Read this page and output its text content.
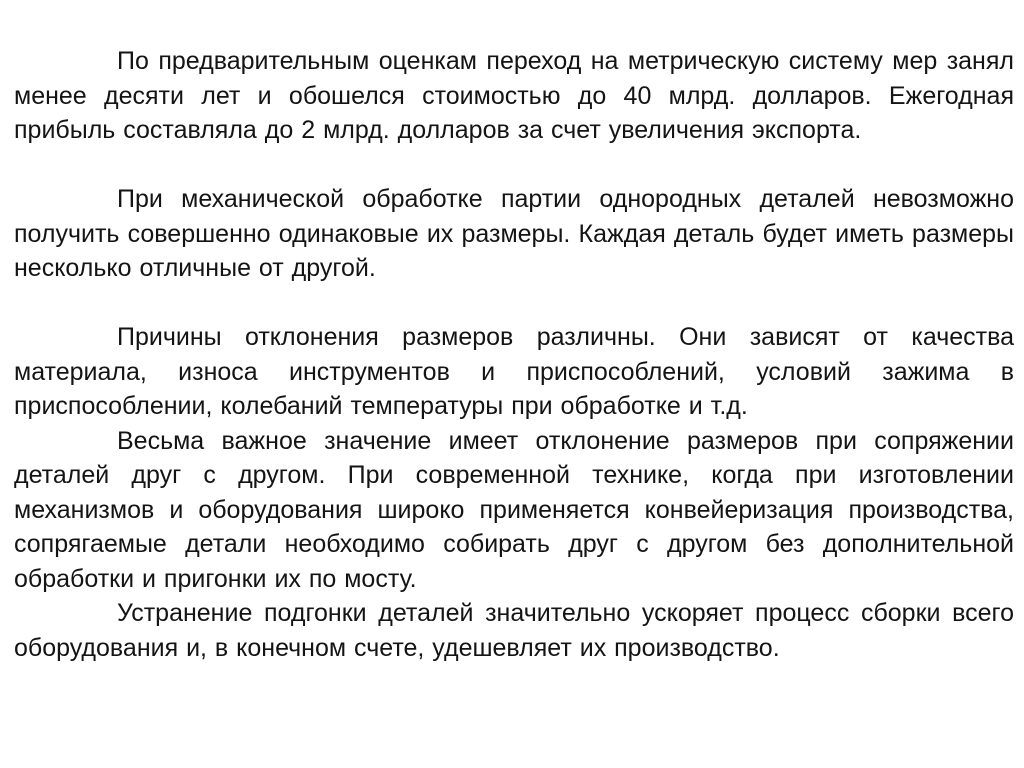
По предварительным оценкам переход на метрическую систему мер занял менее десяти лет и обошелся стоимостью до 40 млрд. долларов. Ежегодная прибыль составляла до 2 млрд. долларов за счет увеличения экспорта.

При механической обработке партии однородных деталей невозможно получить совершенно одинаковые их размеры. Каждая деталь будет иметь размеры несколько отличные от другой.

Причины отклонения размеров различны. Они зависят от качества материала, износа инструментов и приспособлений, условий зажима в приспособлении, колебаний температуры при обработке и т.д.

Весьма важное значение имеет отклонение размеров при сопряжении деталей друг с другом. При современной технике, когда при изготовлении механизмов и оборудования широко применяется конвейеризация производства, сопрягаемые детали необходимо собирать друг с другом без дополнительной обработки и пригонки их по мосту.

Устранение подгонки деталей значительно ускоряет процесс сборки всего оборудования и, в конечном счете, удешевляет их производство.
